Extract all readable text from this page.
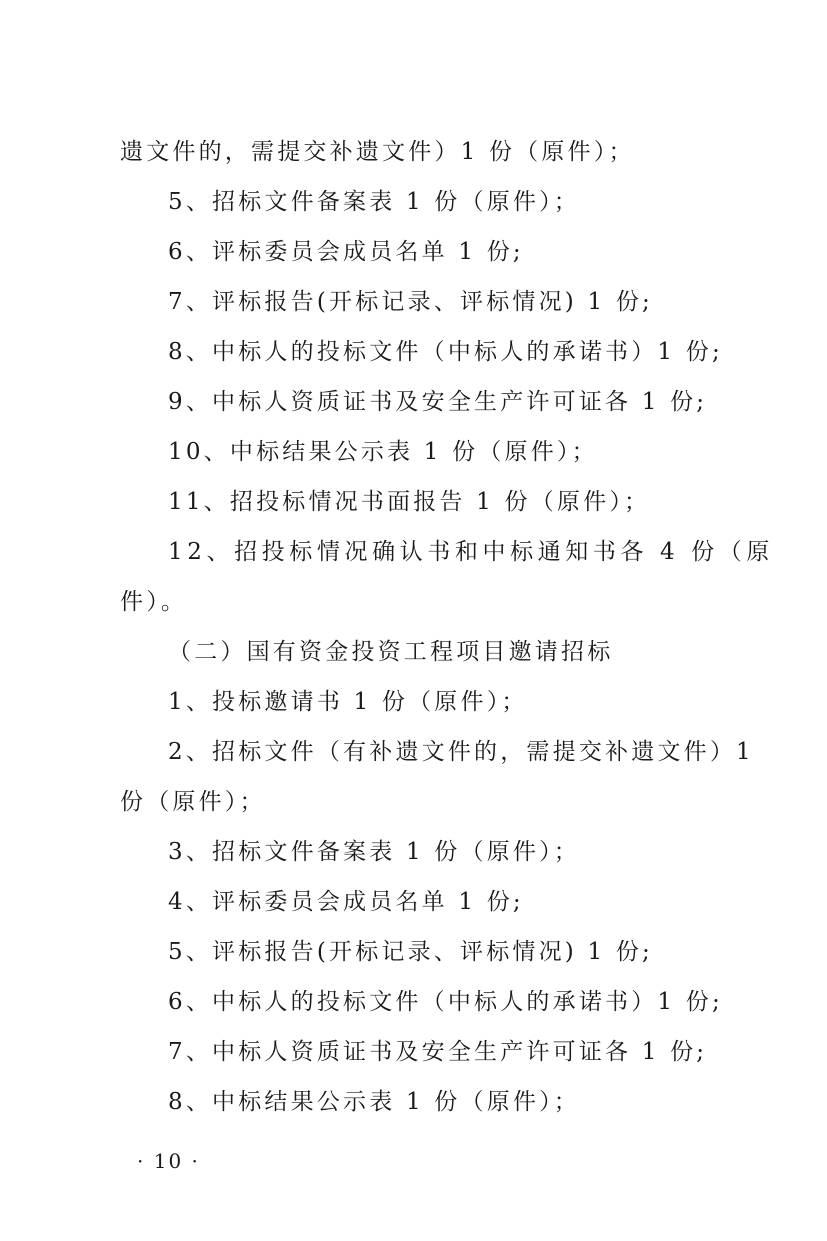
遗文件的，需提交补遗文件）1 份（原件）；
5、招标文件备案表 1 份（原件）；
6、评标委员会成员名单 1 份;
7、评标报告(开标记录、评标情况) 1 份;
8、中标人的投标文件（中标人的承诺书）1 份;
9、中标人资质证书及安全生产许可证各 1 份;
10、中标结果公示表 1 份（原件）；
11、招投标情况书面报告 1 份（原件）；
12、招投标情况确认书和中标通知书各 4 份（原
件）。
（二）国有资金投资工程项目邀请招标
1、投标邀请书 1 份（原件）；
2、招标文件（有补遗文件的，需提交补遗文件）1
份（原件）；
3、招标文件备案表 1 份（原件）；
4、评标委员会成员名单 1 份;
5、评标报告(开标记录、评标情况) 1 份;
6、中标人的投标文件（中标人的承诺书）1 份;
7、中标人资质证书及安全生产许可证各 1 份;
8、中标结果公示表 1 份（原件）；
· 10 ·
